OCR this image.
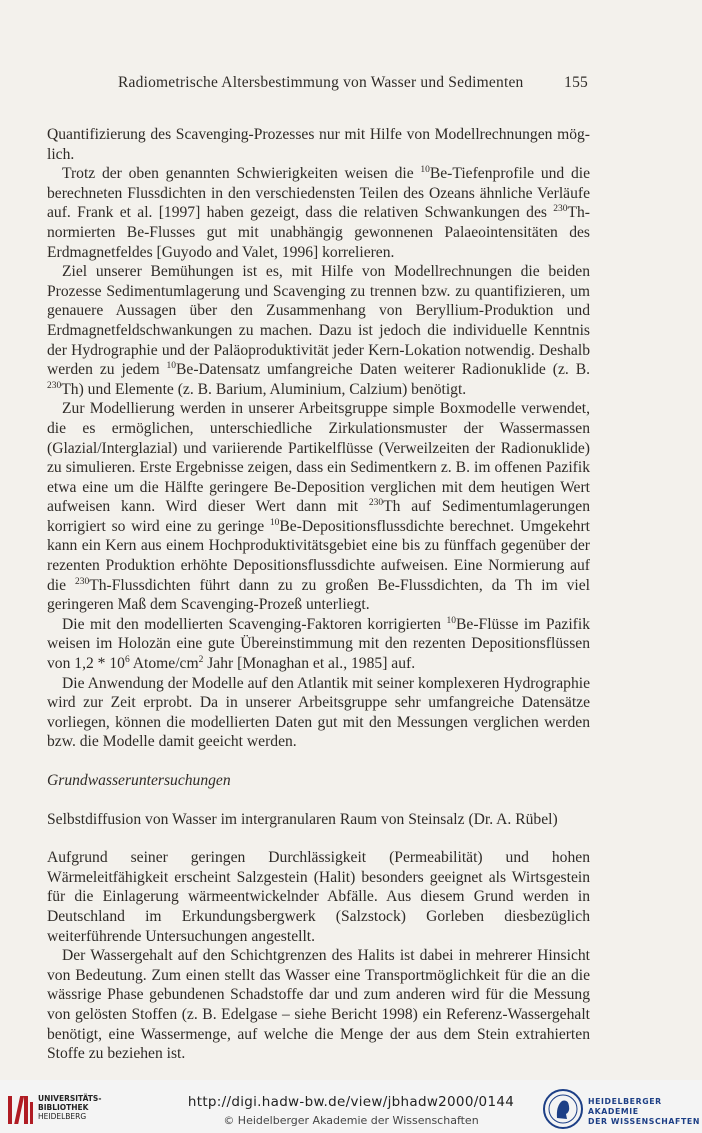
Radiometrische Altersbestimmung von Wasser und Sedimenten	155

Quantifizierung des Scavenging-Prozesses nur mit Hilfe von Modellrechnungen mög-lich.

Trotz der oben genannten Schwierigkeiten weisen die $^{10}$Be-Tiefenprofile und die berechneten Flussdichten in den verschiedensten Teilen des Ozeans ähnliche Verläufe auf. Frank et al. [1997] haben gezeigt, dass die relativen Schwankungen des $^{230}$Th-normierten Be-Flusses gut mit unabhängig gewonnenen Palaeointensitäten des Erdmagnetfeldes [Guyodo and Valet, 1996] korrelieren.

Ziel unserer Bemühungen ist es, mit Hilfe von Modellrechnungen die beiden Prozesse Sedimentumlagerung und Scavenging zu trennen bzw. zu quantifizieren, um genauere Aussagen über den Zusammenhang von Beryllium-Produktion und Erdmagnetfeldschwankungen zu machen. Dazu ist jedoch die individuelle Kenntnis der Hydrographie und der Paläoproduktivität jeder Kern-Lokation notwendig. Deshalb werden zu jedem $^{10}$Be-Datensatz umfangreiche Daten weiterer Radionuklide (z. B. $^{230}$Th) und Elemente (z. B. Barium, Aluminium, Calzium) benötigt.

Zur Modellierung werden in unserer Arbeitsgruppe simple Boxmodelle verwendet, die es ermöglichen, unterschiedliche Zirkulationsmuster der Wassermassen (Glazial/Interglazial) und variierende Partikelflüsse (Verweilzeiten der Radionuklide) zu simulieren. Erste Ergebnisse zeigen, dass ein Sedimentkern z. B. im offenen Pazifik etwa eine um die Hälfte geringere Be-Deposition verglichen mit dem heutigen Wert aufweisen kann. Wird dieser Wert dann mit $^{230}$Th auf Sedimentumlagerungen korrigiert so wird eine zu geringe $^{10}$Be-Depositionsflussdichte berechnet. Umgekehrt kann ein Kern aus einem Hochproduktivitätsgebiet eine bis zu fünffach gegenüber der rezenten Produktion erhöhte Depositionsflussdichte aufweisen. Eine Normierung auf die $^{230}$Th-Flussdichten führt dann zu zu großen Be-Flussdichten, da Th im viel geringeren Maß dem Scavenging-Prozeß unterliegt.

Die mit den modellierten Scavenging-Faktoren korrigierten $^{10}$Be-Flüsse im Pazifik weisen im Holozän eine gute Übereinstimmung mit den rezenten Depositionsflüssen von $1,2 * 10^6$ Atome/$cm^2$ Jahr [Monaghan et al., 1985] auf.

Die Anwendung der Modelle auf den Atlantik mit seiner komplexeren Hydrographie wird zur Zeit erprobt. Da in unserer Arbeitsgruppe sehr umfangreiche Datensätze vorliegen, können die modellierten Daten gut mit den Messungen verglichen werden bzw. die Modelle damit geeicht werden.

Grundwasseruntersuchungen

Selbstdiffusion von Wasser im intergranularen Raum von Steinsalz (Dr. A. Rübel)

Aufgrund seiner geringen Durchlässigkeit (Permeabilität) und hohen Wärmeleitfähigkeit erscheint Salzgestein (Halit) besonders geeignet als Wirtsgestein für die Einlagerung wärmeentwickelnder Abfälle. Aus diesem Grund werden in Deutschland im Erkundungsbergwerk (Salzstock) Gorleben diesbezüglich weiterführende Untersuchungen angestellt.

Der Wassergehalt auf den Schichtgrenzen des Halits ist dabei in mehrerer Hinsicht von Bedeutung. Zum einen stellt das Wasser eine Transportmöglichkeit für die an die wässrige Phase gebundenen Schadstoffe dar und zum anderen wird für die Messung von gelösten Stoffen (z. B. Edelgase – siehe Bericht 1998) ein Referenz-Wassergehalt benötigt, eine Wassermenge, auf welche die Menge der aus dem Stein extrahierten Stoffe zu beziehen ist.

UNIVERSITÄTS-
BIBLIOTHEK
HEIDELBERG
http://digi.hadw-bw.de/view/jbhadw2000/0144
© Heidelberger Akademie der Wissenschaften
HEIDELBERGER AKADEMIE
DER WISSENSCHAFTEN
